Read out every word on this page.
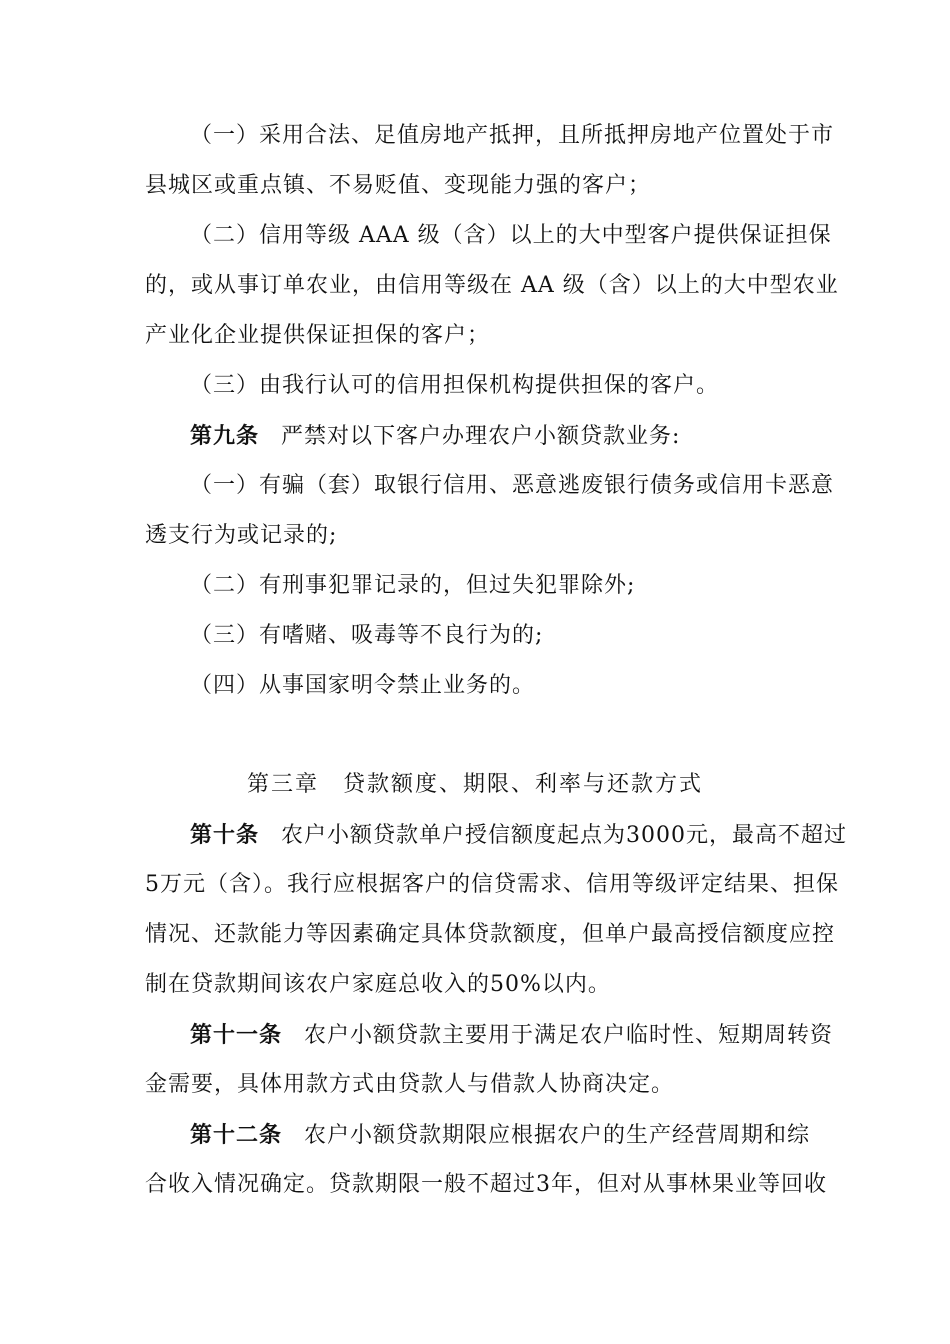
（一）采用合法、足值房地产抵押，且所抵押房地产位置处于市
县城区或重点镇、不易贬值、变现能力强的客户；
（二）信用等级 AAA 级（含）以上的大中型客户提供保证担保
的，或从事订单农业，由信用等级在 AA 级（含）以上的大中型农业
产业化企业提供保证担保的客户；
（三）由我行认可的信用担保机构提供担保的客户。
第九条 严禁对以下客户办理农户小额贷款业务:
（一）有骗（套）取银行信用、恶意逃废银行债务或信用卡恶意
透支行为或记录的;
（二）有刑事犯罪记录的，但过失犯罪除外;
（三）有嗜赌、吸毒等不良行为的;
（四）从事国家明令禁止业务的。
第三章　贷款额度、期限、利率与还款方式
第十条 农户小额贷款单户授信额度起点为3000元，最高不超过
5万元（含）。我行应根据客户的信贷需求、信用等级评定结果、担保
情况、还款能力等因素确定具体贷款额度，但单户最高授信额度应控
制在贷款期间该农户家庭总收入的50%以内。
第十一条 农户小额贷款主要用于满足农户临时性、短期周转资
金需要，具体用款方式由贷款人与借款人协商决定。
第十二条 农户小额贷款期限应根据农户的生产经营周期和综
合收入情况确定。贷款期限一般不超过3年，但对从事林果业等回收
